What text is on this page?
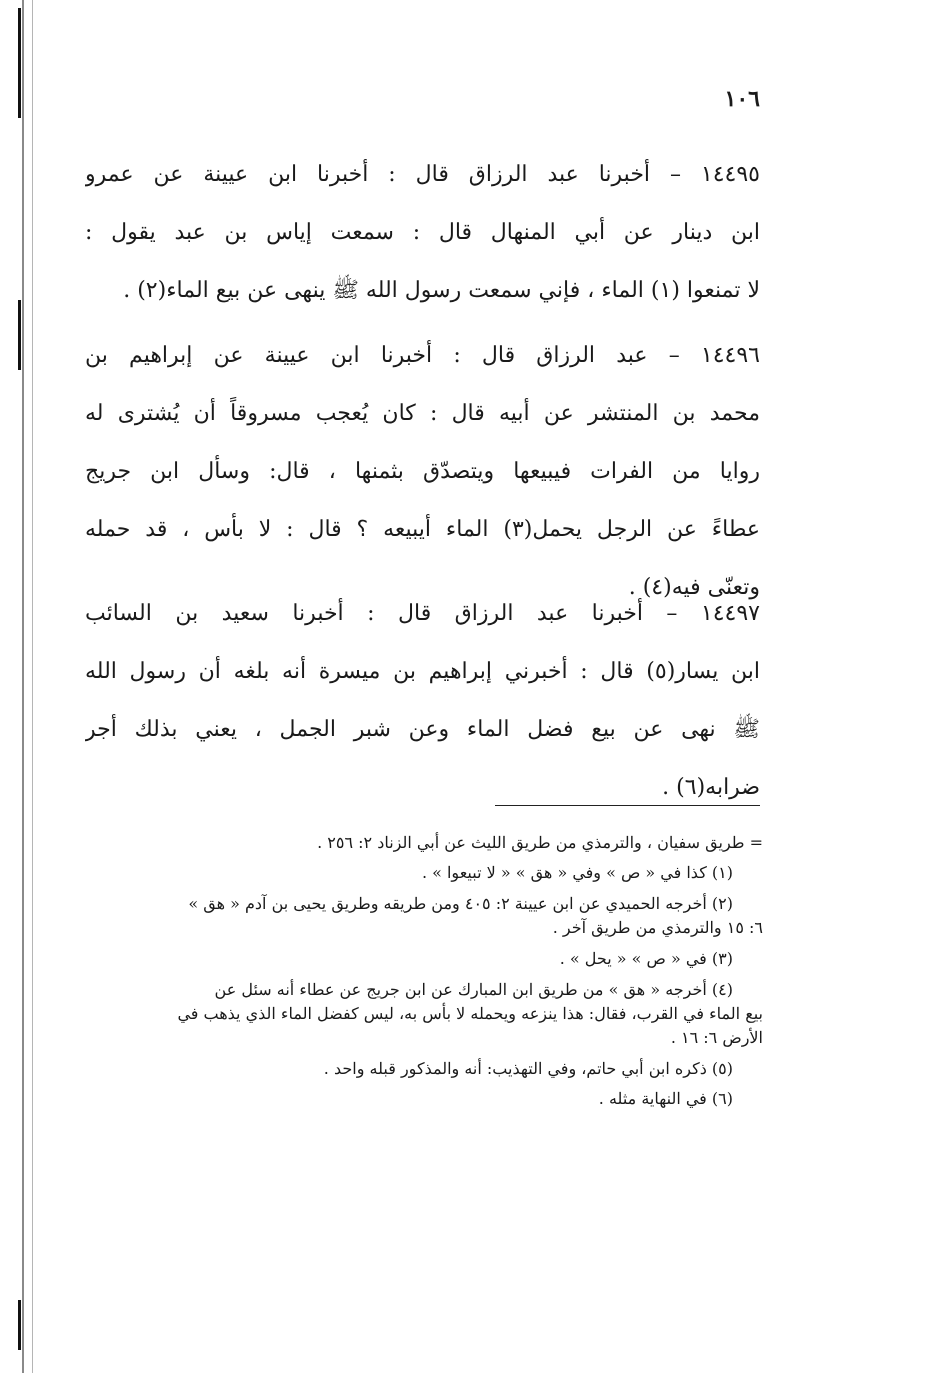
١٠٦
١٤٤٩٥ – أخبرنا عبد الرزاق قال : أخبرنا ابن عيينة عن عمرو
ابن دينار عن أبي المنهال قال : سمعت إياس بن عبد يقول :
لا تمنعوا (١) الماء ، فإني سمعت رسول الله ﷺ ينهى عن بيع الماء(٢) .
١٤٤٩٦ – عبد الرزاق قال : أخبرنا ابن عيينة عن إبراهيم بن
محمد بن المنتشر عن أبيه قال : كان يُعجب مسروقاً أن يُشترى له
روايا من الفرات فيبيعها ويتصدّق بثمنها ، قال: وسأل ابن جريج
عطاءً عن الرجل يحمل(٣) الماء أيبيعه ؟ قال : لا بأس ، قد حمله
وتعنّى فيه(٤) .
١٤٤٩٧ – أخبرنا عبد الرزاق قال : أخبرنا سعيد بن السائب
ابن يسار(٥) قال : أخبرني إبراهيم بن ميسرة أنه بلغه أن رسول الله
ﷺ نهى عن بيع فضل الماء وعن شبر الجمل ، يعني بذلك أجر
ضرابه(٦) .
= طريق سفيان ، والترمذي من طريق الليث عن أبي الزناد ٢: ٢٥٦ .
(١) كذا في « ص » وفي « هق » « لا تبيعوا » .
(٢) أخرجه الحميدي عن ابن عيينة ٢: ٤٠٥ ومن طريقه وطريق يحيى بن آدم « هق »
٦: ١٥ والترمذي من طريق آخر .
(٣) في « ص » « يحل » .
(٤) أخرجه « هق » من طريق ابن المبارك عن ابن جريج عن عطاء أنه سئل عن
بيع الماء في القرب، فقال: هذا ينزعه ويحمله لا بأس به، ليس كفضل الماء الذي يذهب في
الأرض ٦: ١٦ .
(٥) ذكره ابن أبي حاتم، وفي التهذيب: أنه والمذكور قبله واحد .
(٦) في النهاية مثله .
